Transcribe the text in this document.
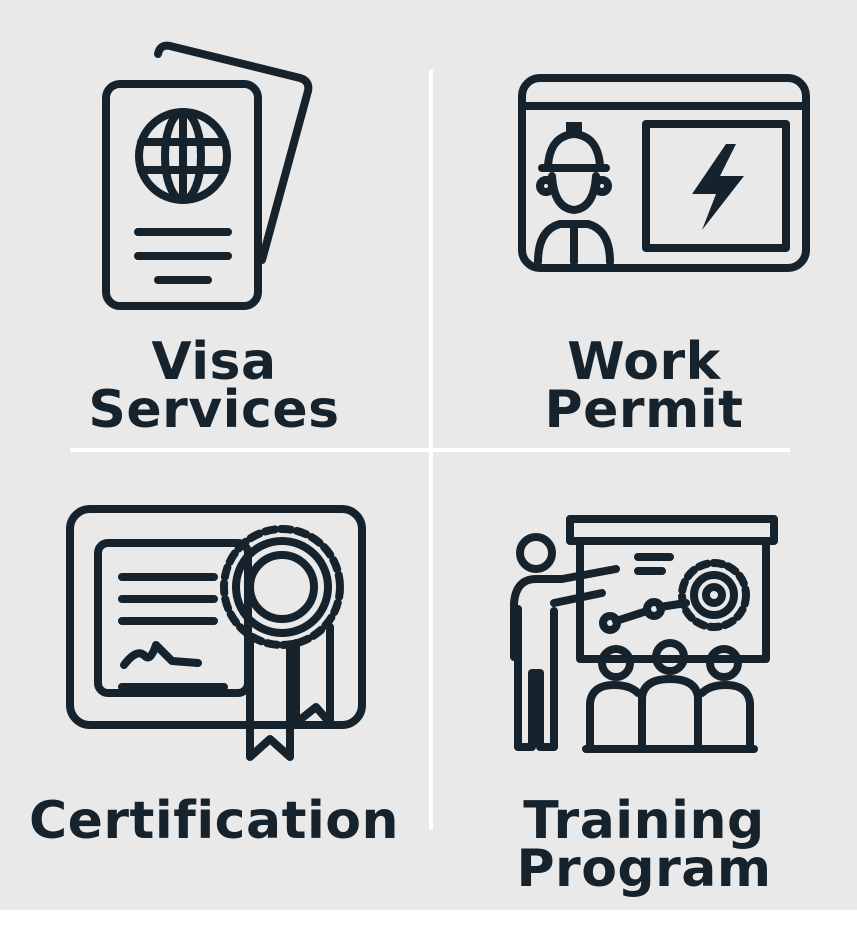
Visa
Services
Work
Permit
Certification	Training
Program
